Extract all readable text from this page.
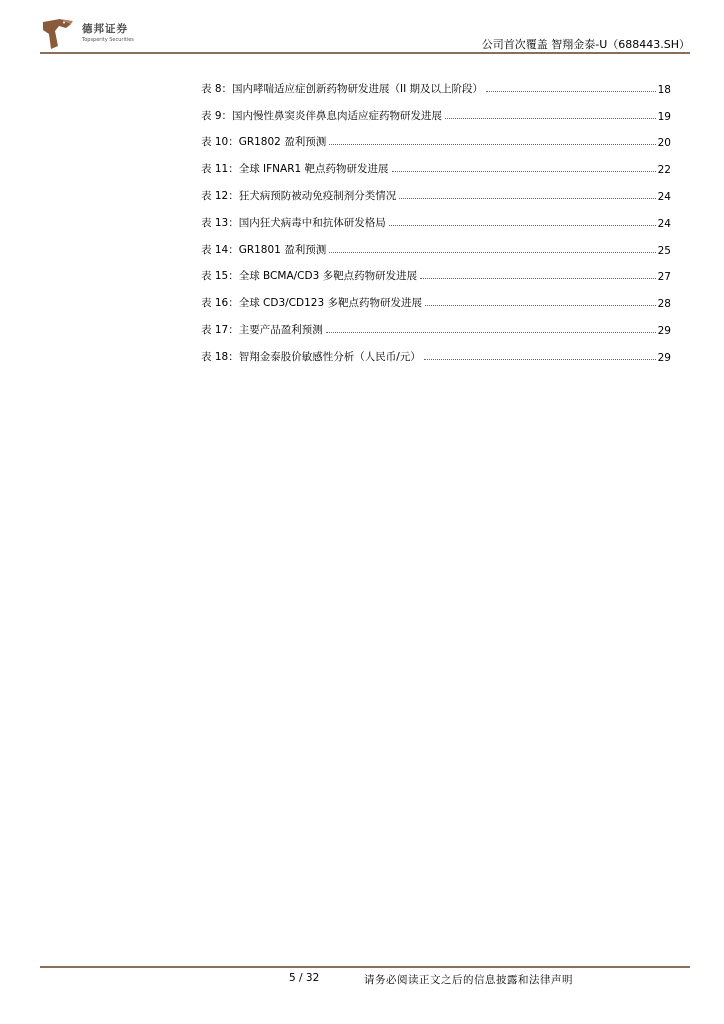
德邦证券
Topsperity Securities	公司首次覆盖 智翔金泰-U（688443.SH）
表 8：国内哮喘适应症创新药物研发进展（II 期及以上阶段）	18
表 9：国内慢性鼻窦炎伴鼻息肉适应症药物研发进展	19
表 10：GR1802 盈利预测	20
表 11：全球 IFNAR1 靶点药物研发进展	22
表 12：狂犬病预防被动免疫制剂分类情况	24
表 13：国内狂犬病毒中和抗体研发格局	24
表 14：GR1801 盈利预测	25
表 15：全球 BCMA/CD3 多靶点药物研发进展	27
表 16：全球 CD3/CD123 多靶点药物研发进展	28
表 17：主要产品盈利预测	29
表 18：智翔金泰股价敏感性分析（人民币/元）	29
5 / 32	请务必阅读正文之后的信息披露和法律声明
